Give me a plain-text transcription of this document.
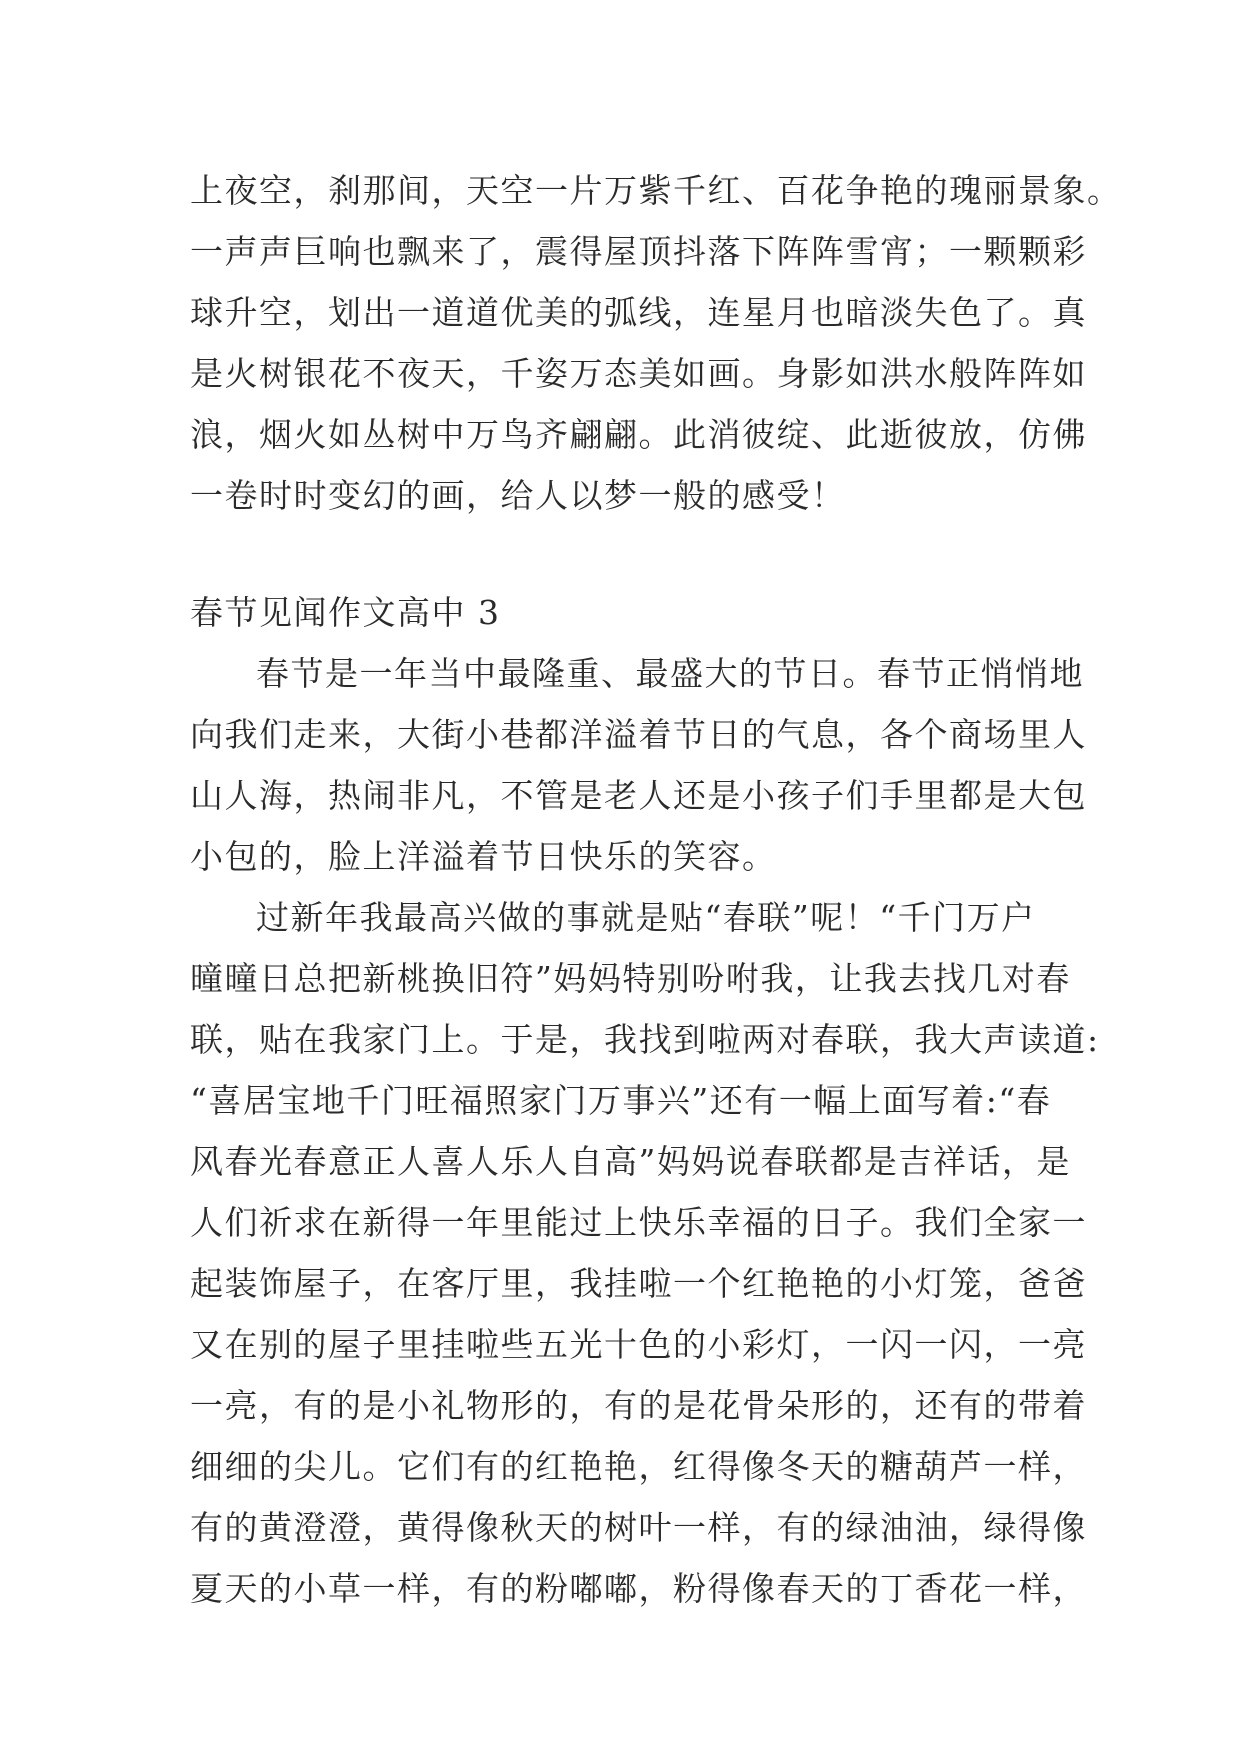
上夜空，刹那间，天空一片万紫千红、百花争艳的瑰丽景象。
一声声巨响也飘来了，震得屋顶抖落下阵阵雪宵；一颗颗彩
球升空，划出一道道优美的弧线，连星月也暗淡失色了。真
是火树银花不夜天，千姿万态美如画。身影如洪水般阵阵如
浪，烟火如丛树中万鸟齐翩翩。此消彼绽、此逝彼放，仿佛
一卷时时变幻的画，给人以梦一般的感受！
春节见闻作文高中 3
春节是一年当中最隆重、最盛大的节日。春节正悄悄地
向我们走来，大街小巷都洋溢着节日的气息，各个商场里人
山人海，热闹非凡，不管是老人还是小孩子们手里都是大包
小包的，脸上洋溢着节日快乐的笑容。
过新年我最高兴做的事就是贴“春联”呢！“千门万户
曈曈日总把新桃换旧符”妈妈特别吩咐我，让我去找几对春
联，贴在我家门上。于是，我找到啦两对春联，我大声读道:
“喜居宝地千门旺福照家门万事兴”还有一幅上面写着:“春
风春光春意正人喜人乐人自高”妈妈说春联都是吉祥话，是
人们祈求在新得一年里能过上快乐幸福的日子。我们全家一
起装饰屋子，在客厅里，我挂啦一个红艳艳的小灯笼，爸爸
又在别的屋子里挂啦些五光十色的小彩灯，一闪一闪，一亮
一亮，有的是小礼物形的，有的是花骨朵形的，还有的带着
细细的尖儿。它们有的红艳艳，红得像冬天的糖葫芦一样，
有的黄澄澄，黄得像秋天的树叶一样，有的绿油油，绿得像
夏天的小草一样，有的粉嘟嘟，粉得像春天的丁香花一样，
